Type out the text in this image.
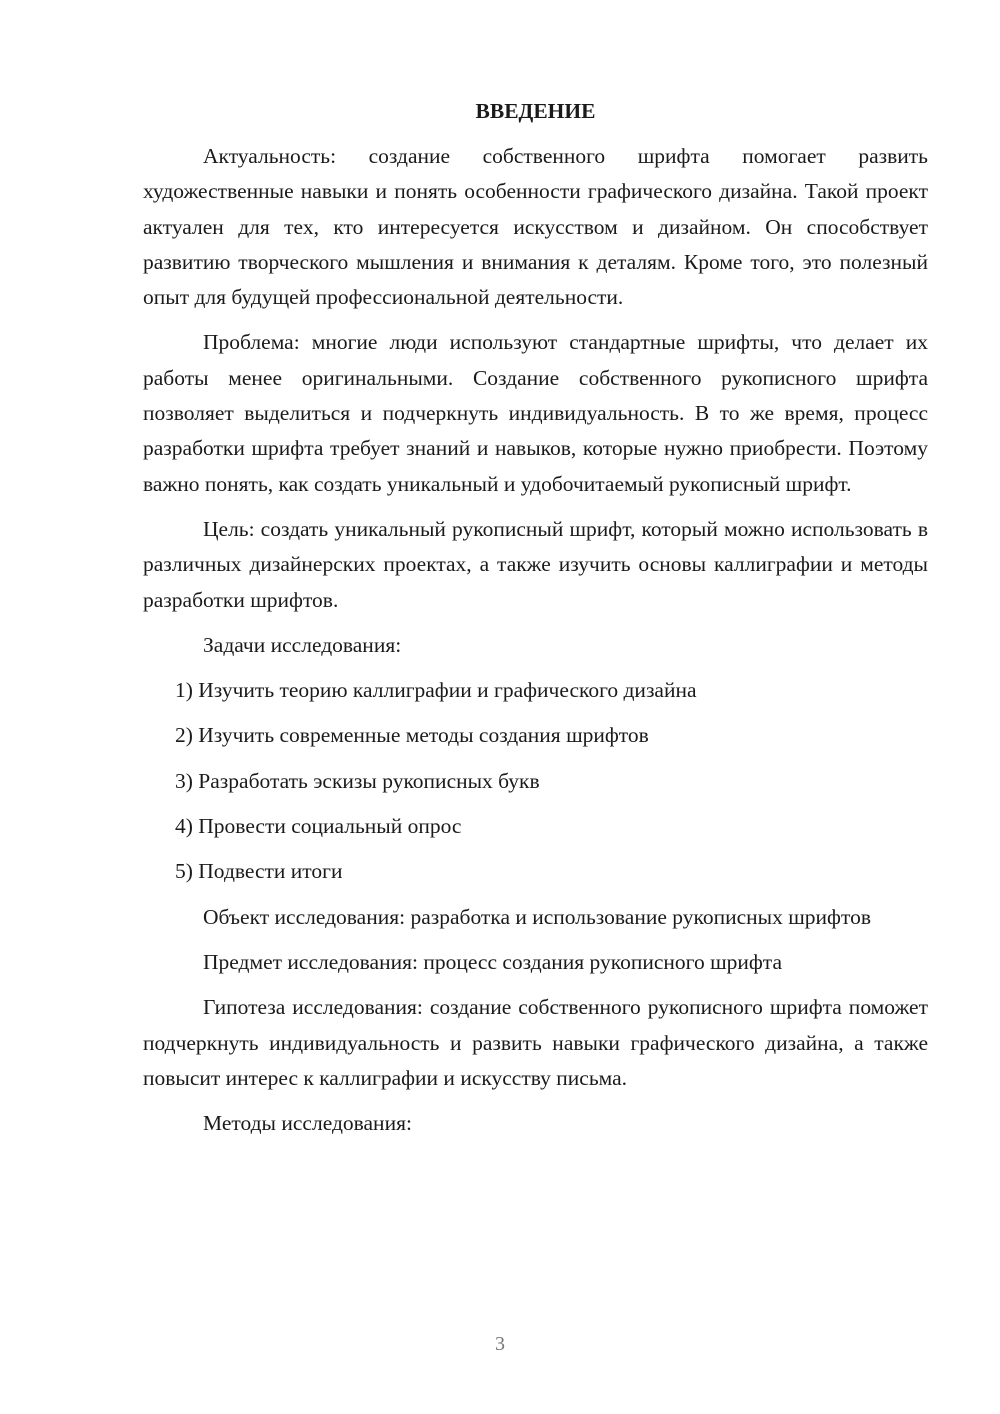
ВВЕДЕНИЕ

Актуальность: создание собственного шрифта помогает развить художественные навыки и понять особенности графического дизайна. Такой проект актуален для тех, кто интересуется искусством и дизайном. Он способствует развитию творческого мышления и внимания к деталям. Кроме того, это полезный опыт для будущей профессиональной деятельности.

Проблема: многие люди используют стандартные шрифты, что делает их работы менее оригинальными. Создание собственного рукописного шрифта позволяет выделиться и подчеркнуть индивидуальность. В то же время, процесс разработки шрифта требует знаний и навыков, которые нужно приобрести. Поэтому важно понять, как создать уникальный и удобочитаемый рукописный шрифт.

Цель: создать уникальный рукописный шрифт, который можно использовать в различных дизайнерских проектах, а также изучить основы каллиграфии и методы разработки шрифтов.

Задачи исследования:

1) Изучить теорию каллиграфии и графического дизайна
2) Изучить современные методы создания шрифтов
3) Разработать эскизы рукописных букв
4) Провести социальный опрос
5) Подвести итоги

Объект исследования: разработка и использование рукописных шрифтов

Предмет исследования: процесс создания рукописного шрифта

Гипотеза исследования: создание собственного рукописного шрифта поможет подчеркнуть индивидуальность и развить навыки графического дизайна, а также повысит интерес к каллиграфии и искусству письма.

Методы исследования:

3
